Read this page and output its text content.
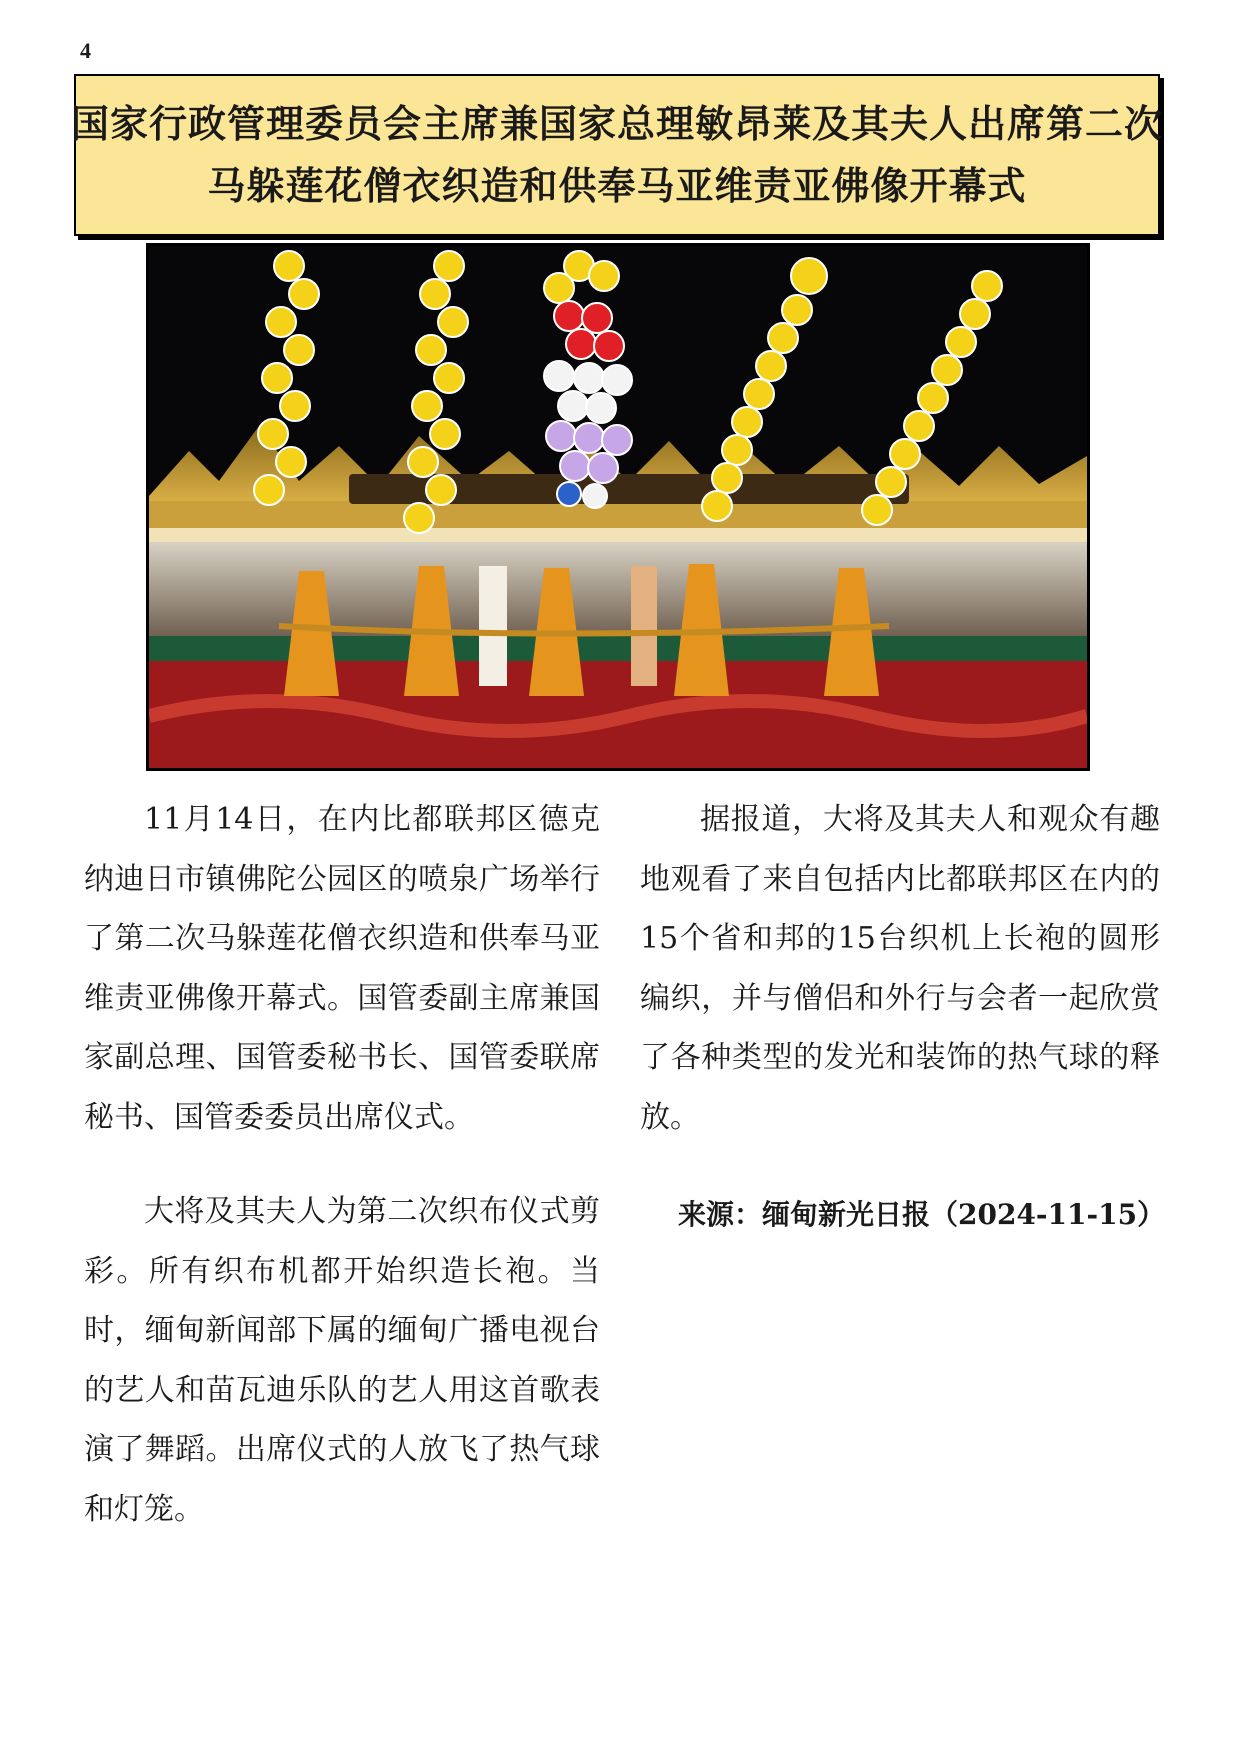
4
国家行政管理委员会主席兼国家总理敏昂莱及其夫人出席第二次
马躲莲花僧衣织造和供奉马亚维责亚佛像开幕式

11月14日，在内比都联邦区德克纳迪日市镇佛陀公园区的喷泉广场举行了第二次马躲莲花僧衣织造和供奉马亚维责亚佛像开幕式。国管委副主席兼国家副总理、国管委秘书长、国管委联席秘书、国管委委员出席仪式。

大将及其夫人为第二次织布仪式剪彩。所有织布机都开始织造长袍。当时，缅甸新闻部下属的缅甸广播电视台的艺人和苗瓦迪乐队的艺人用这首歌表演了舞蹈。出席仪式的人放飞了热气球和灯笼。

据报道，大将及其夫人和观众有趣地观看了来自包括内比都联邦区在内的15个省和邦的15台织机上长袍的圆形编织，并与僧侣和外行与会者一起欣赏了各种类型的发光和装饰的热气球的释放。

来源：缅甸新光日报（2024-11-15）
